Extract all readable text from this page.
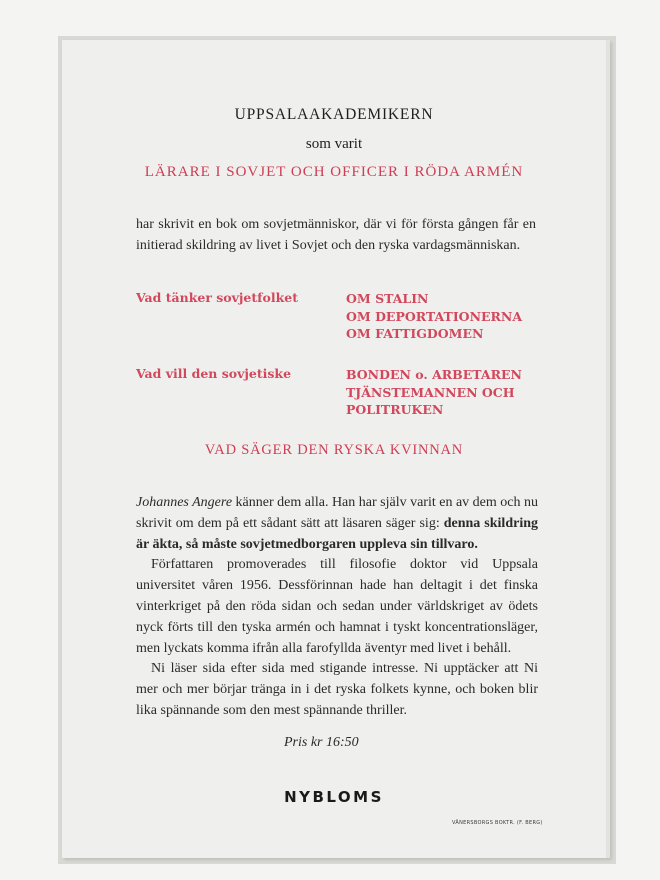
UPPSALAAKADEMIKERN
som varit
LÄRARE I SOVJET OCH OFFICER I RÖDA ARMÉN
har skrivit en bok om sovjetmänniskor, där vi för första gången får en initierad skildring av livet i Sovjet och den ryska vardagsmänniskan.
Vad tänker sovjetfolket	OM STALIN
OM DEPORTATIONERNA
OM FATTIGDOMEN
Vad vill den sovjetiske	BONDEN o. ARBETAREN
TJÄNSTEMANNEN OCH
POLITRUKEN
VAD SÄGER DEN RYSKA KVINNAN

Johannes Angere känner dem alla. Han har själv varit en av dem och nu skrivit om dem på ett sådant sätt att läsaren säger sig: denna skildring är äkta, så måste sovjetmedborgaren uppleva sin tillvaro.

Författaren promoverades till filosofie doktor vid Uppsala universitet våren 1956. Dessförinnan hade han deltagit i det finska vinterkriget på den röda sidan och sedan under världskriget av ödets nyck förts till den tyska armén och hamnat i tyskt koncentrationsläger, men lyckats komma ifrån alla farofyllda äventyr med livet i behåll.

Ni läser sida efter sida med stigande intresse. Ni upptäcker att Ni mer och mer börjar tränga in i det ryska folkets kynne, och boken blir lika spännande som den mest spännande thriller.

Pris kr 16:50
NYBLOMS
VÄNERSBORGS BOKTR. (F. BERG)
